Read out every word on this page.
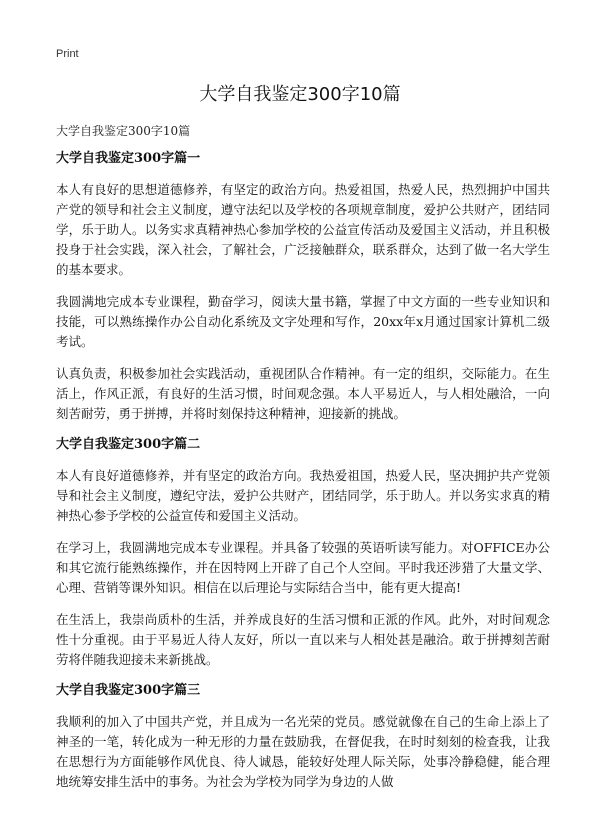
Print
大学自我鉴定300字10篇
大学自我鉴定300字10篇
大学自我鉴定300字篇一

本人有良好的思想道德修养，有坚定的政治方向。热爱祖国，热爱人民，热烈拥护中国共产党的领导和社会主义制度，遵守法纪以及学校的各项规章制度，爱护公共财产，团结同学，乐于助人。以务实求真精神热心参加学校的公益宣传活动及爱国主义活动，并且积极投身于社会实践，深入社会，了解社会，广泛接触群众，联系群众，达到了做一名大学生的基本要求。

我圆满地完成本专业课程，勤奋学习，阅读大量书籍，掌握了中文方面的一些专业知识和技能，可以熟练操作办公自动化系统及文字处理和写作，20xx年x月通过国家计算机二级考试。

认真负责，积极参加社会实践活动，重视团队合作精神。有一定的组织，交际能力。在生活上，作风正派，有良好的生活习惯，时间观念强。本人平易近人，与人相处融洽，一向刻苦耐劳，勇于拼搏，并将时刻保持这种精神，迎接新的挑战。

大学自我鉴定300字篇二

本人有良好道德修养，并有坚定的政治方向。我热爱祖国，热爱人民，坚决拥护共产党领导和社会主义制度，遵纪守法，爱护公共财产，团结同学，乐于助人。并以务实求真的精神热心参予学校的公益宣传和爱国主义活动。

在学习上，我圆满地完成本专业课程。并具备了较强的英语听读写能力。对OFFICE办公和其它流行能熟练操作，并在因特网上开辟了自己个人空间。平时我还涉猎了大量文学、心理、营销等课外知识。相信在以后理论与实际结合当中，能有更大提高!

在生活上，我崇尚质朴的生活，并养成良好的生活习惯和正派的作风。此外，对时间观念性十分重视。由于平易近人待人友好，所以一直以来与人相处甚是融洽。敢于拼搏刻苦耐劳将伴随我迎接未来新挑战。

大学自我鉴定300字篇三

我顺利的加入了中国共产党，并且成为一名光荣的党员。感觉就像在自己的生命上添上了神圣的一笔，转化成为一种无形的力量在鼓励我，在督促我，在时时刻刻的检查我，让我在思想行为方面能够作风优良、待人诚恳，能较好处理人际关际，处事冷静稳健，能合理地统筹安排生活中的事务。为社会为学校为同学为身边的人做
